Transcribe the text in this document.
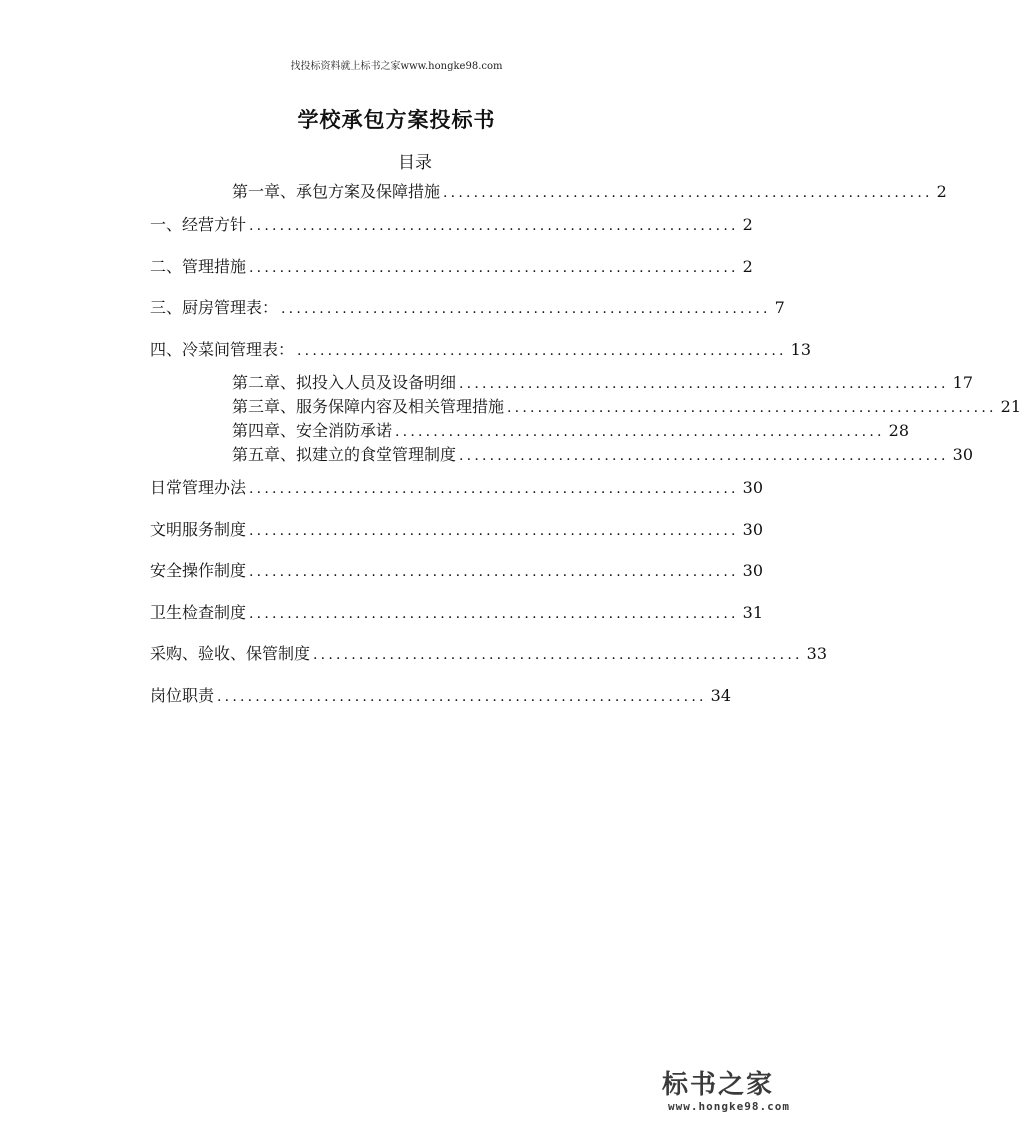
找投标资料就上标书之家www.hongke98.com
学校承包方案投标书
目录
第一章、承包方案及保障措施 ................................................................ 2
一、经营方针 ................................................................ 2
二、管理措施 ................................................................ 2
三、厨房管理表： ................................................................ 7
四、冷菜间管理表： ................................................................ 13
第二章、拟投入人员及设备明细 ................................................................ 17
第三章、服务保障内容及相关管理措施 ................................................................ 21
第四章、安全消防承诺 ................................................................ 28
第五章、拟建立的食堂管理制度 ................................................................ 30
日常管理办法 ................................................................ 30
文明服务制度 ................................................................ 30
安全操作制度 ................................................................ 30
卫生检查制度 ................................................................ 31
采购、验收、保管制度 ................................................................ 33
岗位职责 ................................................................ 34
标书之家
www.hongke98.com
